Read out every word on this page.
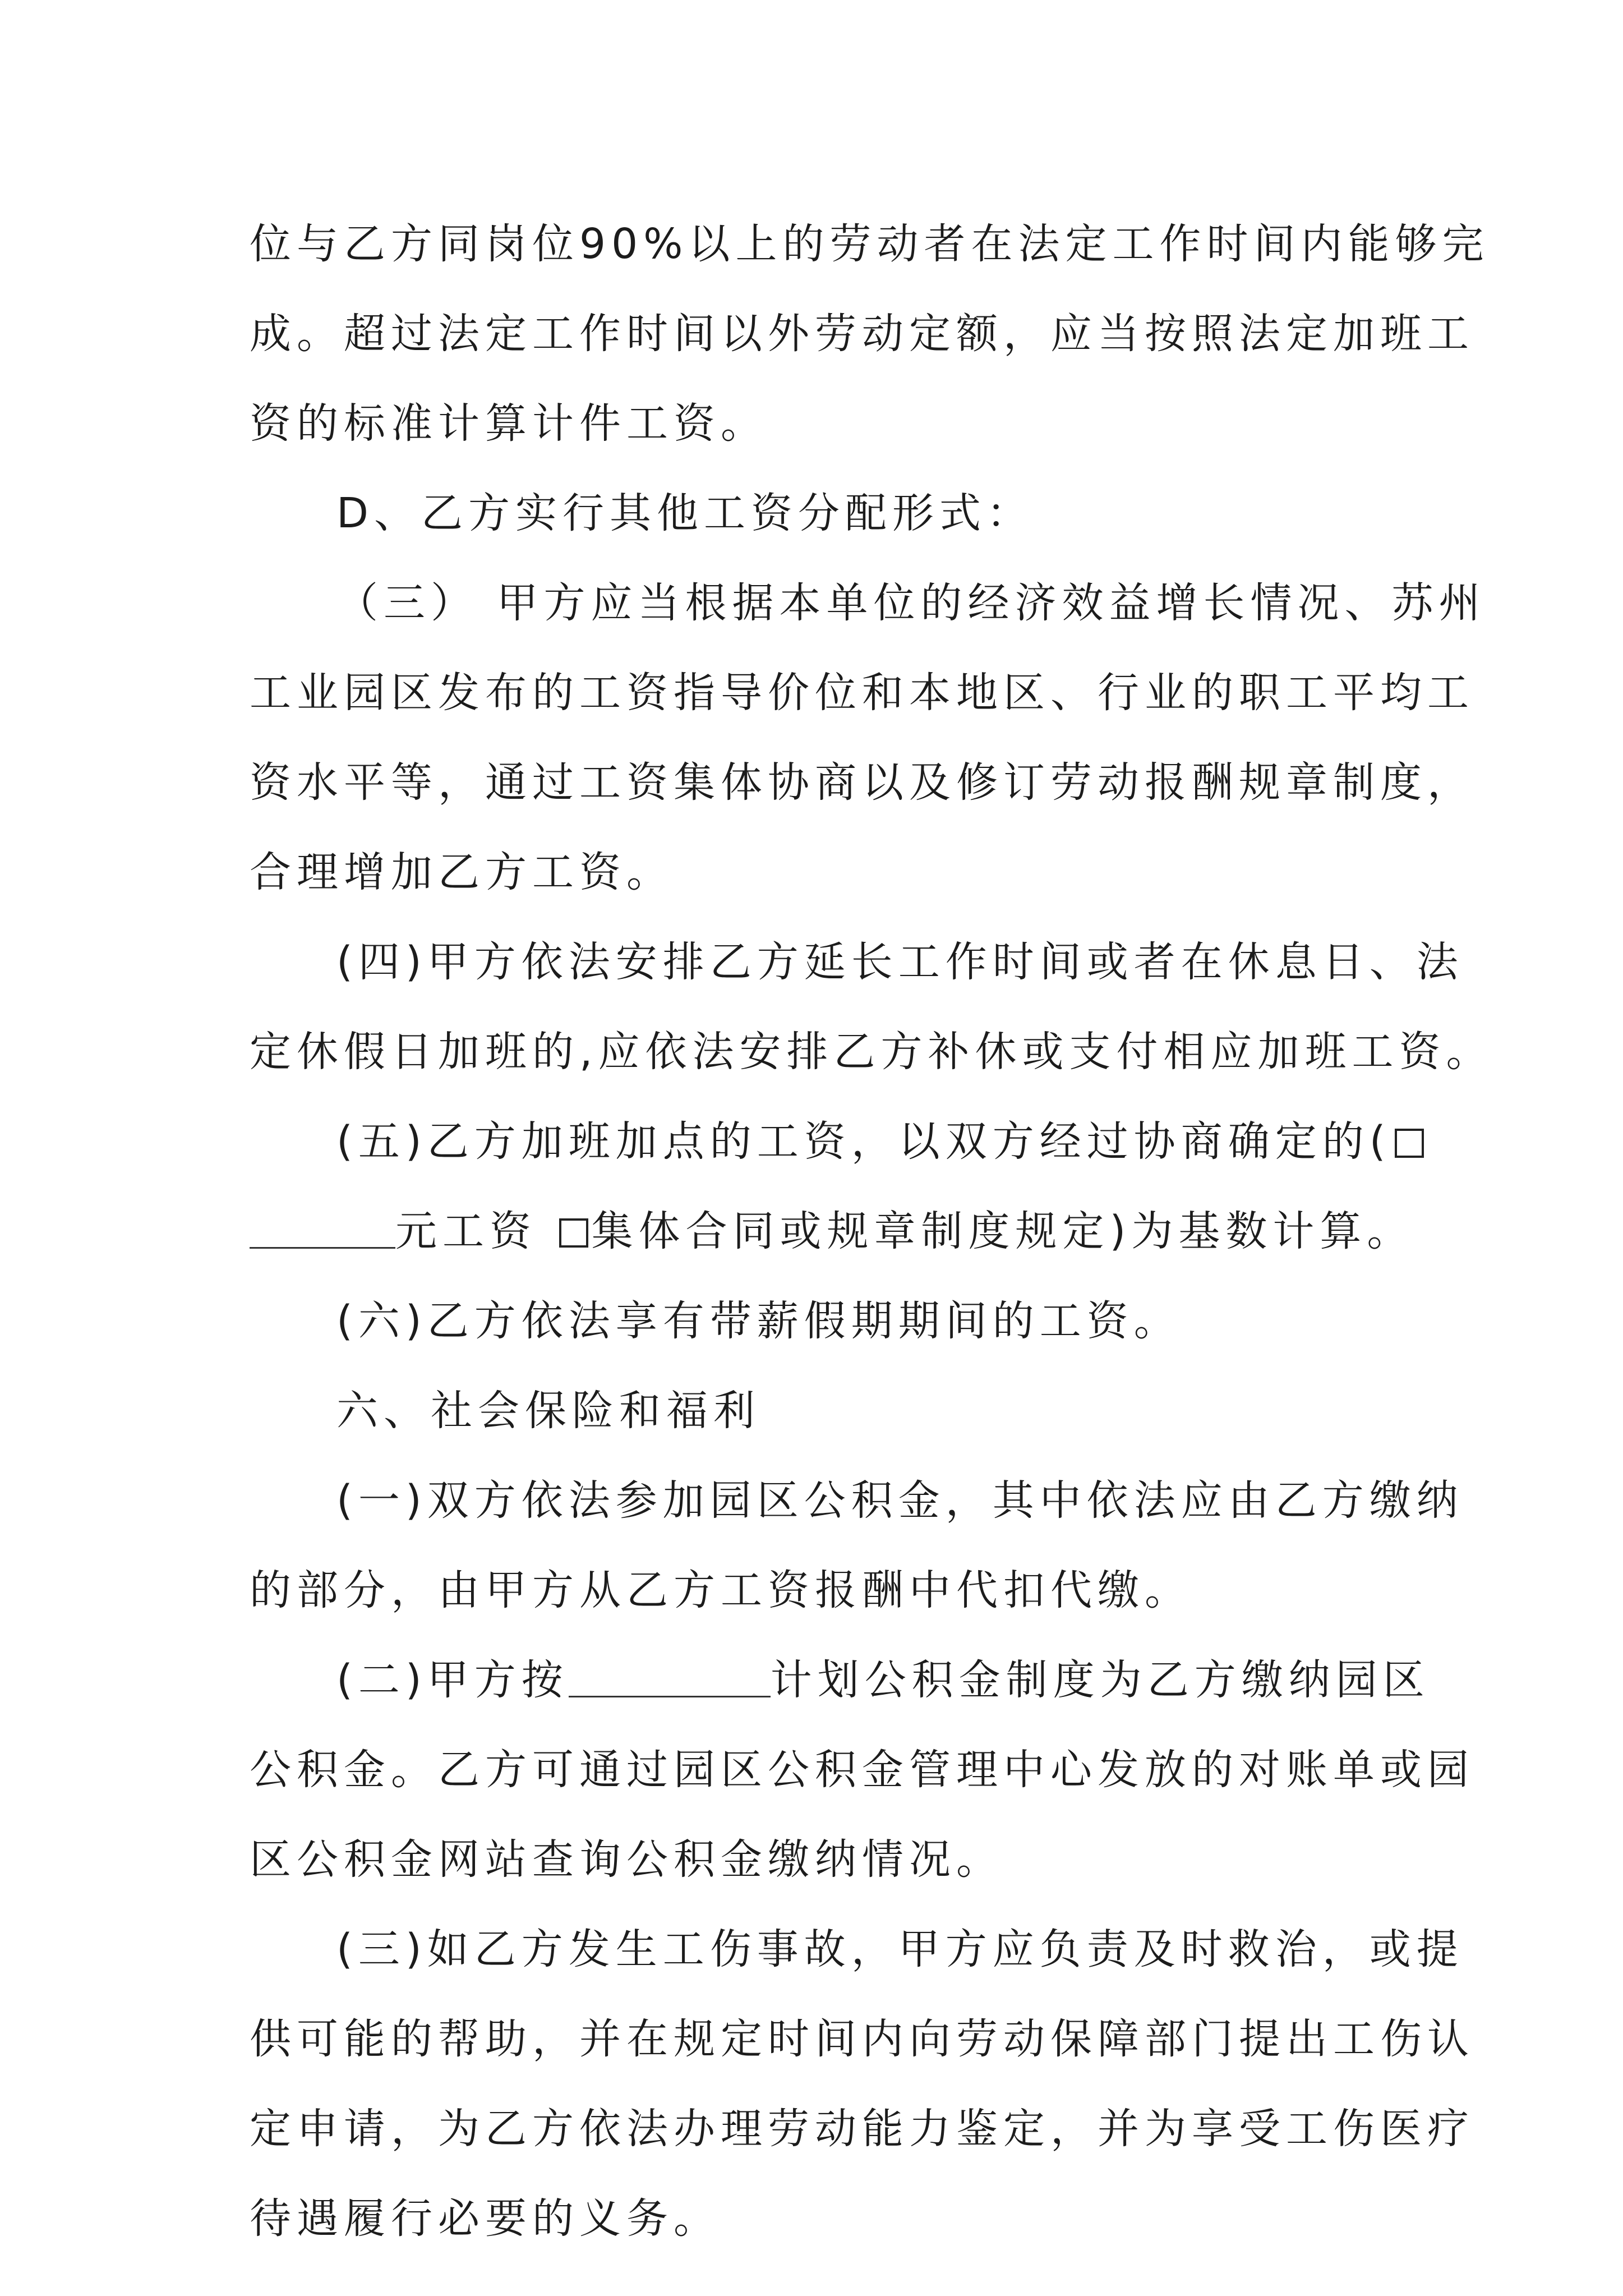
位与乙方同岗位90%以上的劳动者在法定工作时间内能够完
成。超过法定工作时间以外劳动定额，应当按照法定加班工
资的标准计算计件工资。
D、乙方实行其他工资分配形式：
（三） 甲方应当根据本单位的经济效益增长情况、苏州
工业园区发布的工资指导价位和本地区、行业的职工平均工
资水平等，通过工资集体协商以及修订劳动报酬规章制度，
合理增加乙方工资。
(四)甲方依法安排乙方延长工作时间或者在休息日、法
定休假日加班的,应依法安排乙方补休或支付相应加班工资。
(五)乙方加班加点的工资，以双方经过协商确定的(
元工资 集体合同或规章制度规定)为基数计算。
(六)乙方依法享有带薪假期期间的工资。
六、社会保险和福利
(一)双方依法参加园区公积金，其中依法应由乙方缴纳
的部分，由甲方从乙方工资报酬中代扣代缴。
(二)甲方按	计划公积金制度为乙方缴纳园区
公积金。乙方可通过园区公积金管理中心发放的对账单或园
区公积金网站查询公积金缴纳情况。
(三)如乙方发生工伤事故，甲方应负责及时救治，或提
供可能的帮助，并在规定时间内向劳动保障部门提出工伤认
定申请，为乙方依法办理劳动能力鉴定，并为享受工伤医疗
待遇履行必要的义务。
